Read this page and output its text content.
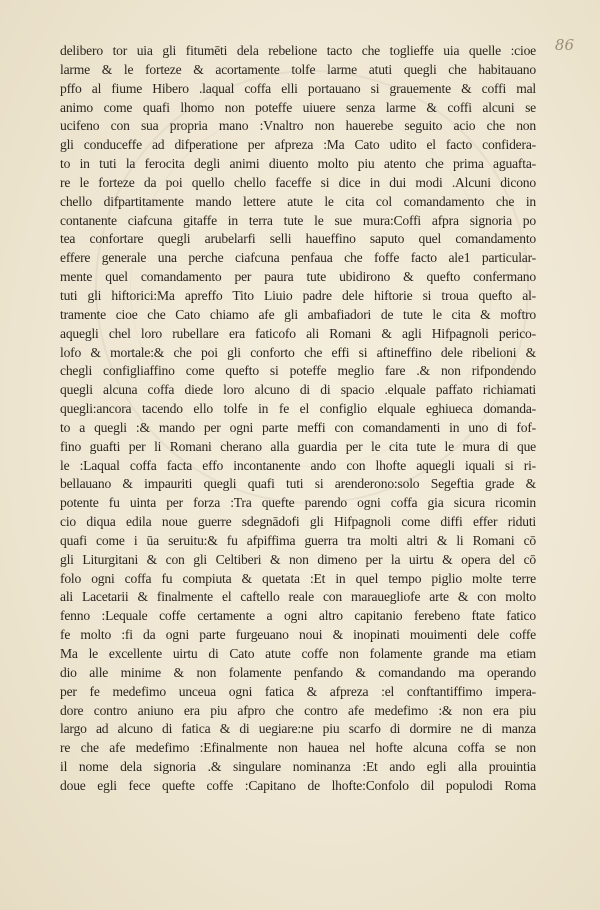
86

delibero tor uia gli fitumēti dela rebelione tacto che toglieffe uia quelle :cioe
larme & le forteze & acortamente tolfe larme atuti quegli che habitauano
pffo al fiume Hibero .laqual coffa elli portauano si grauemente & coffi mal
animo come quafi lhomo non poteffe uiuere senza larme & coffi alcuni se
ucifeno con sua propria mano :Vnaltro non hauerebe seguito acio che non
gli conduceffe ad difperatione per afpreza :Ma Cato udito el facto confidera-
to in tuti la ferocita degli animi diuento molto piu atento che prima aguafta-
re le forteze da poi quello chello faceffe si dice in dui modi .Alcuni dicono
chello difpartitamente mando lettere atute le cita col comandamento che in
contanente ciafcuna gitaffe in terra tute le sue mura:Coffi afpra signoria po
tea confortare quegli arubelarfi selli haueffino saputo quel comandamento
effere generale una perche ciafcuna penfaua che foffe facto ale1 particular-
mente quel comandamento per paura tute ubidirono & quefto confermano
tuti gli hiftorici:Ma apreffo Tito Liuio padre dele hiftorie si troua quefto al-
tramente cioe che Cato chiamo afe gli ambafiadori de tute le cita & moftro
aquegli chel loro rubellare era faticofo ali Romani & agli Hifpagnoli perico-
lofo & mortale:& che poi gli conforto che effi si aftineffino dele ribelioni &
chegli configliaffino come quefto si poteffe meglio fare .& non rifpondendo
quegli alcuna coffa diede loro alcuno di di spacio .elquale paffato richiamati
quegli:ancora tacendo ello tolfe in fe el configlio elquale eghiueca domanda-
to a quegli :& mando per ogni parte meffi con comandamenti in uno di fof-
fino guafti per li Romani cherano alla guardia per le cita tute le mura di que
le :Laqual coffa facta effo incontanente ando con lhofte aquegli iquali si ri-
bellauano & impauriti quegli quafi tuti si arenderono:solo Segeftia grade &
potente fu uinta per forza :Tra quefte parendo ogni coffa gia sicura ricomin
cio diqua edila noue guerre sdegnādofi gli Hifpagnoli come diffi effer riduti
quafi come i ūa seruitu:& fu afpiffima guerra tra molti altri & li Romani cō
gli Liturgitani & con gli Celtiberi & non dimeno per la uirtu & opera del cō
folo ogni coffa fu compiuta & quetata :Et in quel tempo piglio molte terre
ali Lacetarii & finalmente el caftello reale con marauegliofe arte & con molto
fenno :Lequale coffe certamente a ogni altro capitanio ferebeno ftate fatico
fe molto :fi da ogni parte furgeuano noui & inopinati mouimenti dele coffe
Ma le excellente uirtu di Cato atute coffe non folamente grande ma etiam
dio alle minime & non folamente penfando & comandando ma operando
per fe medefimo unceua ogni fatica & afpreza :el conftantiffimo impera-
dore contro aniuno era piu afpro che contro afe medefimo :& non era piu
largo ad alcuno di fatica & di uegiare:ne piu scarfo di dormire ne di manza
re che afe medefimo :Efinalmente non hauea nel hofte alcuna coffa se non
il nome dela signoria .& singulare nominanza :Et ando egli alla prouintia
doue egli fece quefte coffe :Capitano de lhofte:Confolo dil populodi Roma
